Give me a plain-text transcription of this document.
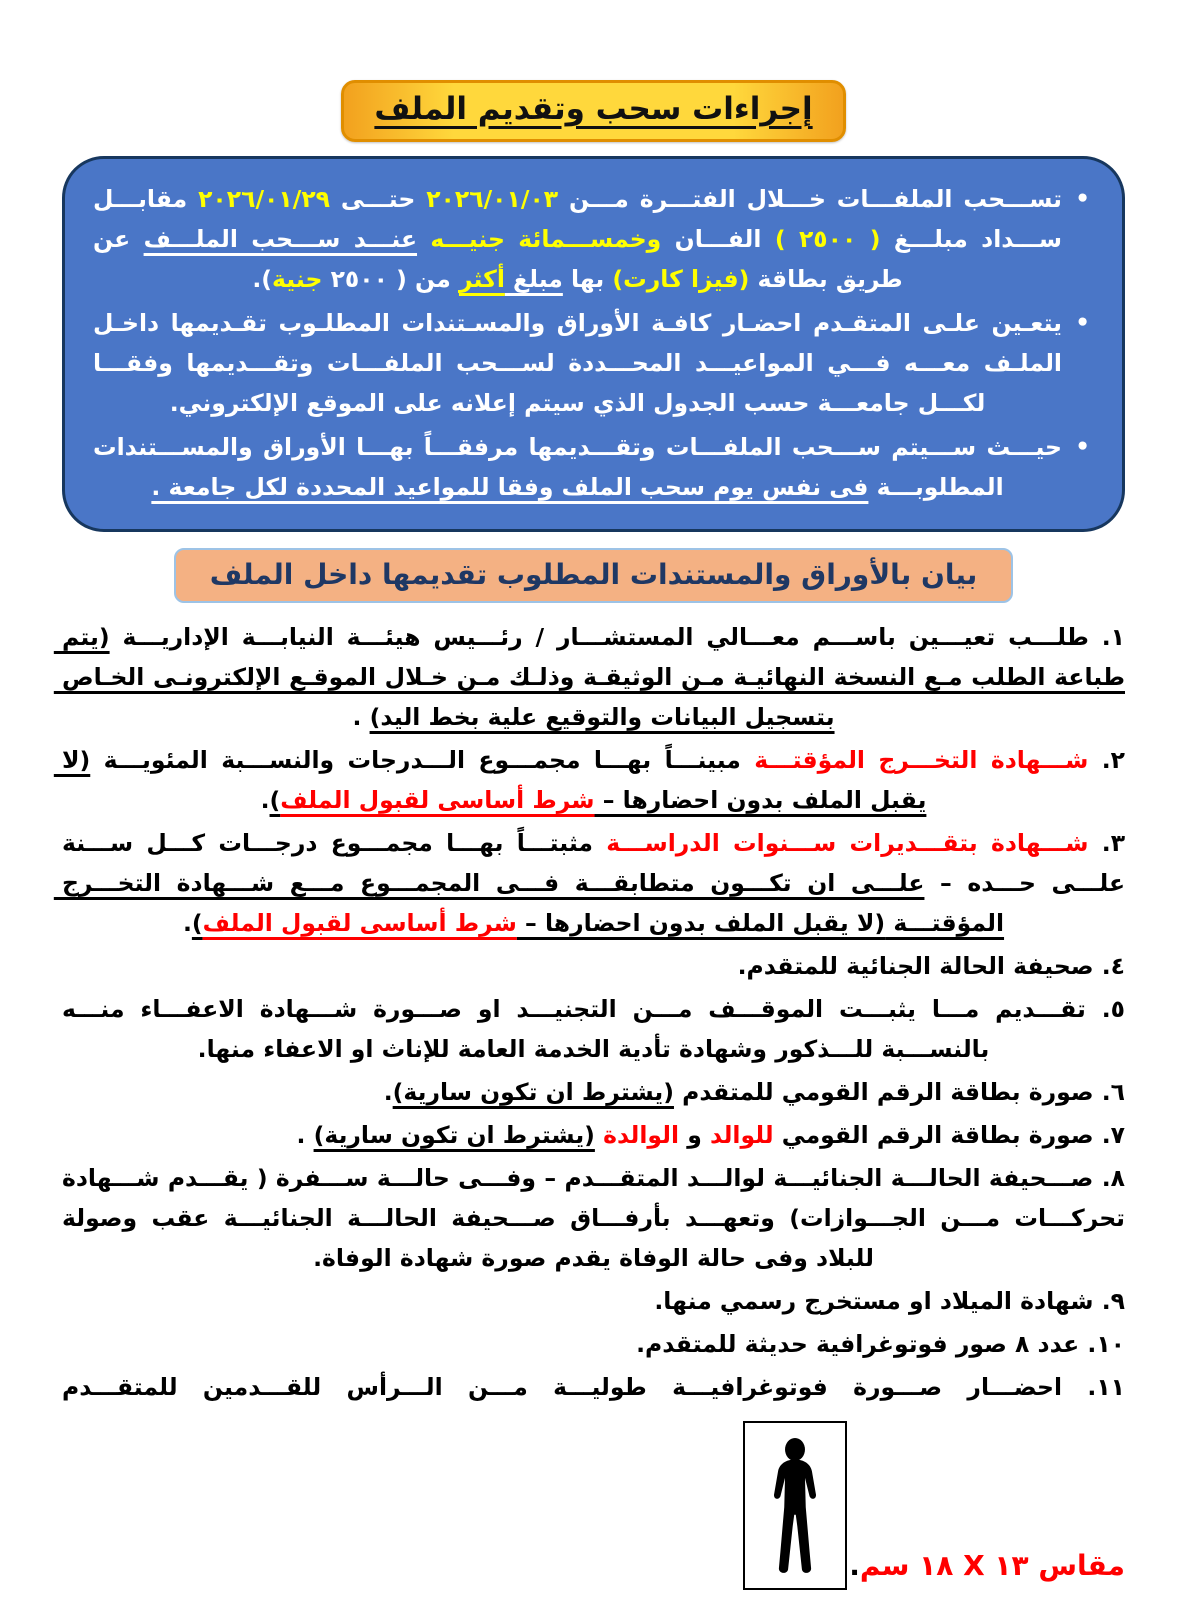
إجراءات سحب وتقديم الملف

•
تســـحب الملفـــات خـــلال الفتـــرة مـــن ٢٠٢٦/٠١/٠٣ حتـــى ٢٠٢٦/٠١/٢٩ مقابـــل ســـداد مبلـــغ ( ٢٥٠٠ ) الفـــان وخمســـمائة جنيـــه عنـــد ســـحب الملـــف عن طريق بطاقة (فيزا كارت) بها مبلغ أكثر من ( ٢٥٠٠ جنية).

•
يتعـين علـى المتقـدم احضـار كافـة الأوراق والمسـتندات المطلـوب تقـديمها داخـل الملـف معـــه فـــي المواعيـــد المحـــددة لســـحب الملفـــات وتقـــديمها وفقـــا لكـــل جامعـــة حسب الجدول الذي سيتم إعلانه على الموقع الإلكتروني.

•
حيـــث ســـيتم ســـحب الملفـــات وتقـــديمها مرفقـــاً بهـــا الأوراق والمســـتندات المطلوبـــة فى نفس يوم سحب الملف وفقا للمواعيد المحددة لكل جامعة .

بيان بالأوراق والمستندات المطلوب تقديمها داخل الملف

١. طلـــب تعيـــين باســـم معـــالي المستشـــار / رئـــيس هيئـــة النيابـــة الإداريـــة (يتم طباعة الطلب مـع النسخة النهائيـة مـن الوثيقـة وذلـك مـن خـلال الموقـع الإلكترونـى الخـاص بتسجيل البيانات والتوقيع علية بخط اليد) .

٢. شـــهادة التخـــرج المؤقتـــة مبينـــاً بهـــا مجمـــوع الـــدرجات والنســـبة المئويـــة (لا يقبل الملف بدون احضارها – شرط أساسى لقبول الملف).

٣. شـــهادة بتقـــديرات ســـنوات الدراســـة مثبتـــاً بهـــا مجمـــوع درجـــات كـــل ســـنة علـــى حـــده – علـــى ان تكـــون متطابقـــة فـــى المجمـــوع مـــع شـــهادة التخـــرج المؤقتـــة (لا يقبل الملف بدون احضارها – شرط أساسى لقبول الملف).

٤. صحيفة الحالة الجنائية للمتقدم.

٥. تقـــديم مـــا يثبـــت الموقـــف مـــن التجنيـــد او صـــورة شـــهادة الاعفـــاء منـــه بالنســـبة للـــذكور وشهادة تأدية الخدمة العامة للإناث او الاعفاء منها.

٦. صورة بطاقة الرقم القومي للمتقدم (يشترط ان تكون سارية).

٧. صورة بطاقة الرقم القومي للوالد و الوالدة (يشترط ان تكون سارية) .

٨. صـــحيفة الحالـــة الجنائيـــة لوالـــد المتقـــدم – وفـــى حالـــة ســـفرة ( يقـــدم شـــهادة تحركـــات مـــن الجـــوازات) وتعهـــد بأرفـــاق صـــحيفة الحالـــة الجنائيـــة عقب وصولة للبلاد وفى حالة الوفاة يقدم صورة شهادة الوفاة.

٩. شهادة الميلاد او مستخرج رسمي منها.

١٠. عدد ٨ صور فوتوغرافية حديثة للمتقدم.

١١. احضـــار صـــورة فوتوغرافيـــة طوليـــة مـــن الـــرأس للقـــدمين للمتقـــدم

مقاس ١٣ X ١٨ سم.
